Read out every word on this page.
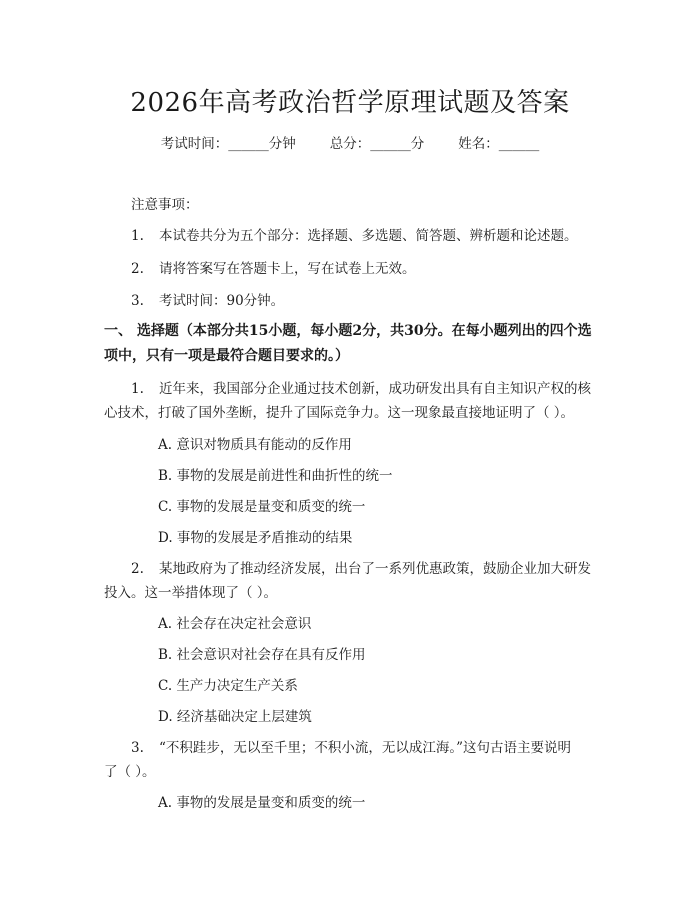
2026年高考政治哲学原理试题及答案
考试时间：______分钟	总分：______分	姓名：______
注意事项：
1. 本试卷共分为五个部分：选择题、多选题、简答题、辨析题和论述题。
2. 请将答案写在答题卡上，写在试卷上无效。
3. 考试时间：90分钟。
一、 选择题（本部分共15小题，每小题2分，共30分。在每小题列出的四个选
项中，只有一项是最符合题目要求的。）
1. 近年来，我国部分企业通过技术创新，成功研发出具有自主知识产权的核
心技术，打破了国外垄断，提升了国际竞争力。这一现象最直接地证明了（ ）。
A. 意识对物质具有能动的反作用
B. 事物的发展是前进性和曲折性的统一
C. 事物的发展是量变和质变的统一
D. 事物的发展是矛盾推动的结果
2. 某地政府为了推动经济发展，出台了一系列优惠政策，鼓励企业加大研发
投入。这一举措体现了（ ）。
A. 社会存在决定社会意识
B. 社会意识对社会存在具有反作用
C. 生产力决定生产关系
D. 经济基础决定上层建筑
3. “不积跬步，无以至千里；不积小流，无以成江海。”这句古语主要说明
了（ ）。
A. 事物的发展是量变和质变的统一
